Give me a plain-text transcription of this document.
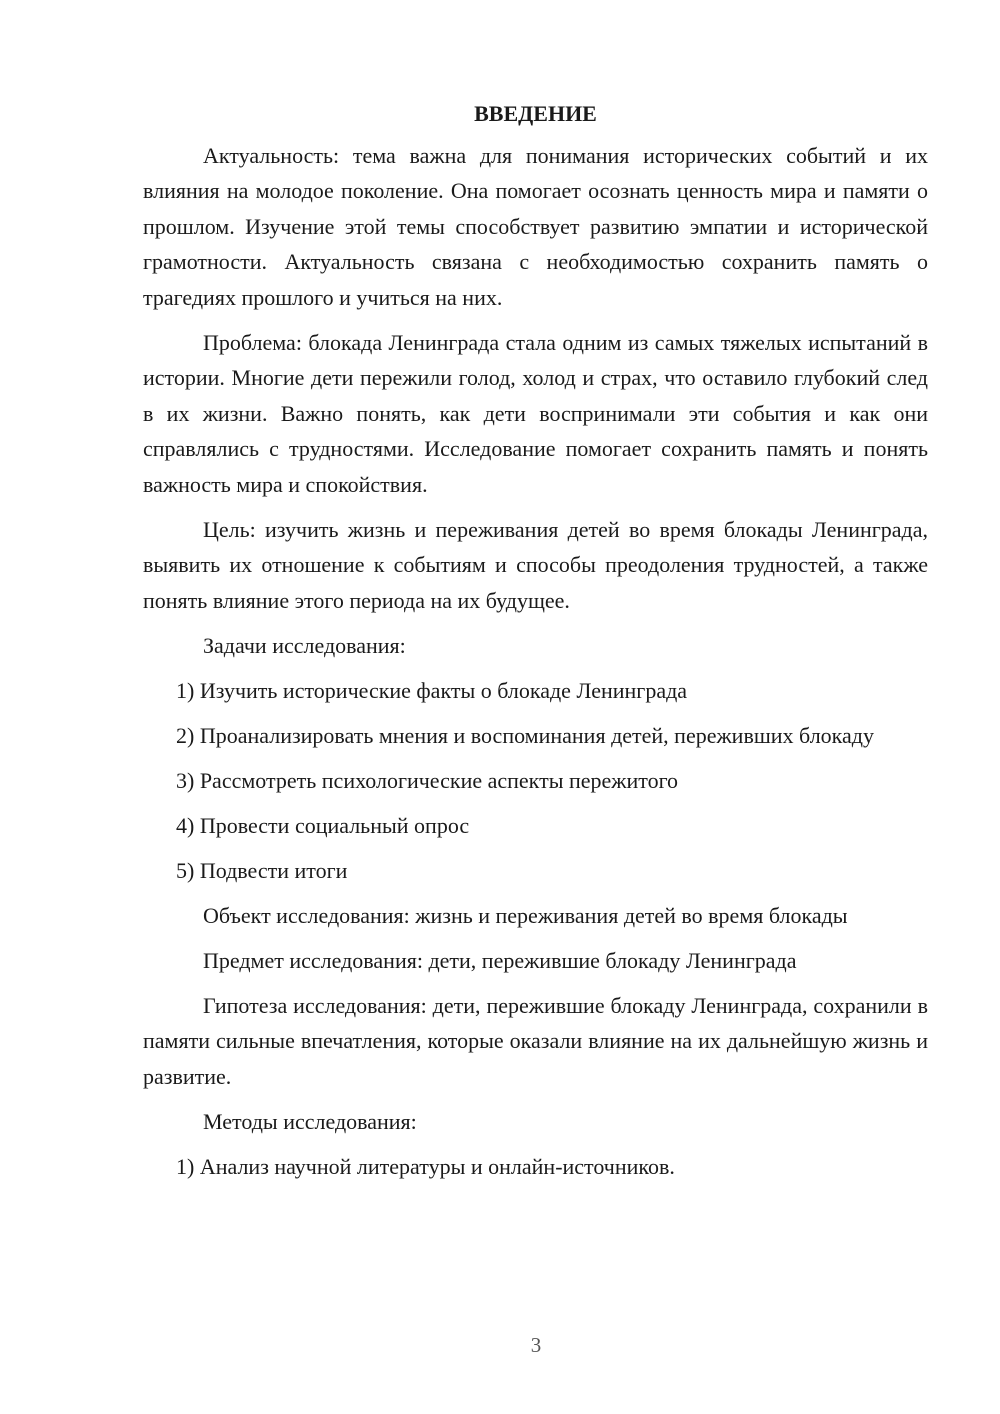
ВВЕДЕНИЕ

Актуальность: тема важна для понимания исторических событий и их влияния на молодое поколение. Она помогает осознать ценность мира и памяти о прошлом. Изучение этой темы способствует развитию эмпатии и исторической грамотности. Актуальность связана с необходимостью сохранить память о трагедиях прошлого и учиться на них.

Проблема: блокада Ленинграда стала одним из самых тяжелых испытаний в истории. Многие дети пережили голод, холод и страх, что оставило глубокий след в их жизни. Важно понять, как дети воспринимали эти события и как они справлялись с трудностями. Исследование помогает сохранить память и понять важность мира и спокойствия.

Цель: изучить жизнь и переживания детей во время блокады Ленинграда, выявить их отношение к событиям и способы преодоления трудностей, а также понять влияние этого периода на их будущее.

Задачи исследования:

1) Изучить исторические факты о блокаде Ленинграда

2) Проанализировать мнения и воспоминания детей, переживших блокаду

3) Рассмотреть психологические аспекты пережитого

4) Провести социальный опрос

5) Подвести итоги

Объект исследования: жизнь и переживания детей во время блокады

Предмет исследования: дети, пережившие блокаду Ленинграда

Гипотеза исследования: дети, пережившие блокаду Ленинграда, сохранили в памяти сильные впечатления, которые оказали влияние на их дальнейшую жизнь и развитие.

Методы исследования:

1) Анализ научной литературы и онлайн-источников.

3
